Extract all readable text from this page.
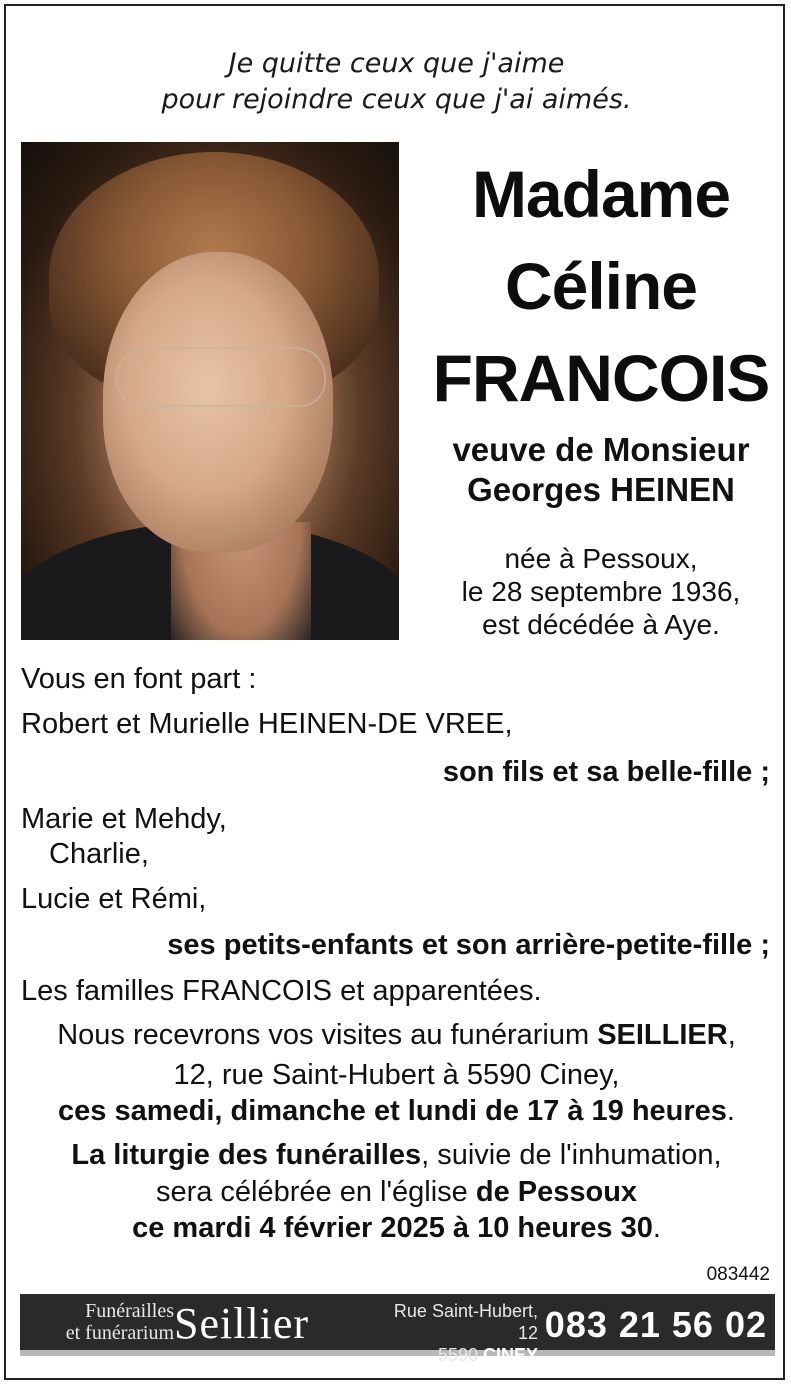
Je quitte ceux que j'aime
pour rejoindre ceux que j'ai aimés.
Madame
Céline
FRANCOIS
veuve de Monsieur
Georges HEINEN
née à Pessoux,
le 28 septembre 1936,
est décédée à Aye.
Vous en font part :
Robert et Murielle HEINEN-DE VREE,
son fils et sa belle-fille ;
Marie et Mehdy,
Charlie,
Lucie et Rémi,
ses petits-enfants et son arrière-petite-fille ;
Les familles FRANCOIS et apparentées.
Nous recevrons vos visites au funérarium SEILLIER,
12, rue Saint-Hubert à 5590 Ciney,
ces samedi, dimanche et lundi de 17 à 19 heures.
La liturgie des funérailles, suivie de l'inhumation,
sera célébrée en l'église de Pessoux
ce mardi 4 février 2025 à 10 heures 30.
083442
Funérailles
et funérarium Seillier	Rue Saint-Hubert, 12
5590 CINEY
083 21 56 02
